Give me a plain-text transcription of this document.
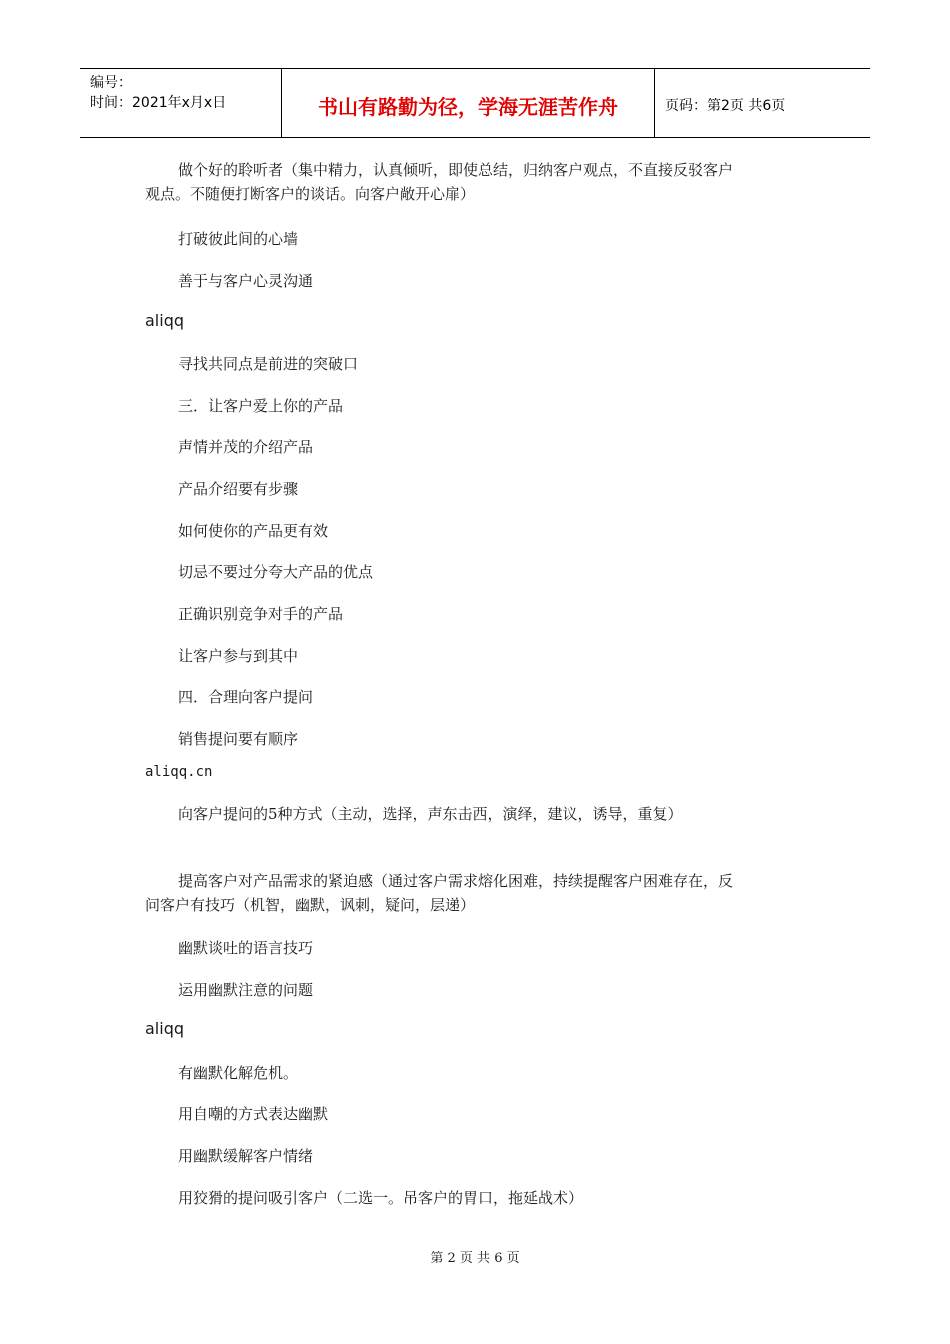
编号：
时间：2021年x月x日	书山有路勤为径，学海无涯苦作舟	页码：第2页 共6页
做个好的聆听者（集中精力，认真倾听，即使总结，归纳客户观点，不直接反驳客户
观点。不随便打断客户的谈话。向客户敞开心扉）
打破彼此间的心墙
善于与客户心灵沟通
aliqq
寻找共同点是前进的突破口
三．让客户爱上你的产品
声情并茂的介绍产品
产品介绍要有步骤
如何使你的产品更有效
切忌不要过分夸大产品的优点
正确识别竞争对手的产品
让客户参与到其中
四．合理向客户提问
销售提问要有顺序
aliqq.cn
向客户提问的5种方式（主动，选择，声东击西，演绎，建议，诱导，重复）
提高客户对产品需求的紧迫感（通过客户需求熔化困难，持续提醒客户困难存在，反
问客户有技巧（机智，幽默，讽刺，疑问，层递）
幽默谈吐的语言技巧
运用幽默注意的问题
aliqq
有幽默化解危机。
用自嘲的方式表达幽默
用幽默缓解客户情绪
用狡猾的提问吸引客户（二选一。吊客户的胃口，拖延战术）
第 2 页 共 6 页
